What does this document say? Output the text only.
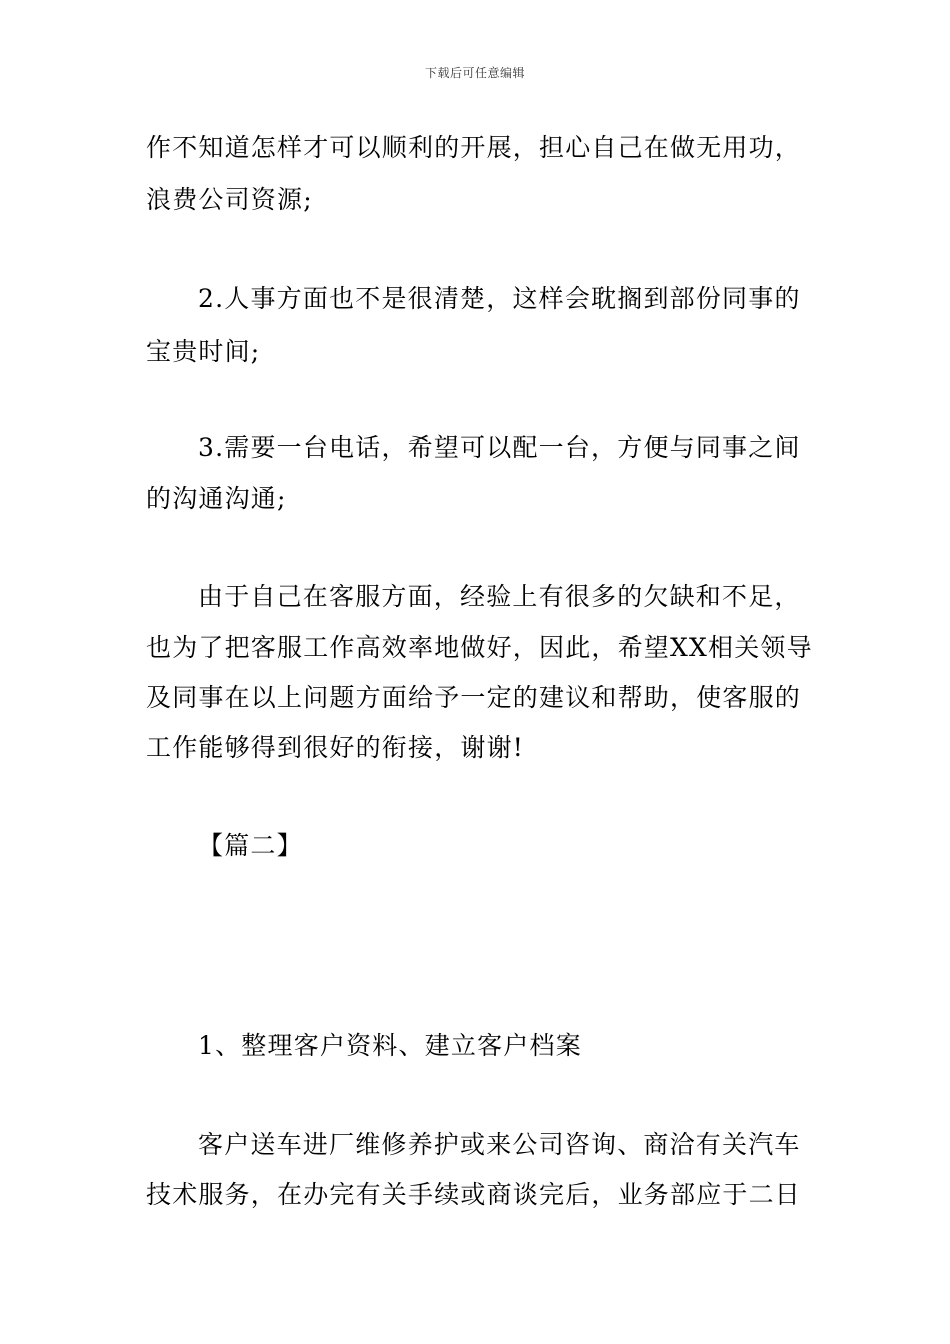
下载后可任意编辑
作不知道怎样才可以顺利的开展，担心自己在做无用功，
浪费公司资源;
2.人事方面也不是很清楚，这样会耽搁到部份同事的
宝贵时间;
3.需要一台电话，希望可以配一台，方便与同事之间
的沟通沟通;
由于自己在客服方面，经验上有很多的欠缺和不足，
也为了把客服工作高效率地做好，因此，希望XX相关领导
及同事在以上问题方面给予一定的建议和帮助，使客服的
工作能够得到很好的衔接，谢谢!
【篇二】
1、整理客户资料、建立客户档案
客户送车进厂维修养护或来公司咨询、商洽有关汽车
技术服务，在办完有关手续或商谈完后，业务部应于二日
